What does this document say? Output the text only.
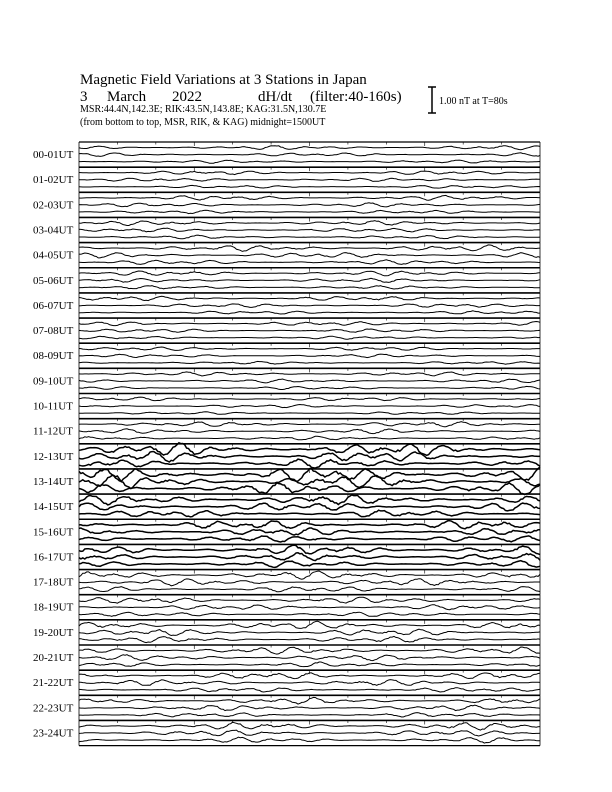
Magnetic Field Variations at 3 Stations in Japan
3 March 2022	dH/dt (filter:40-160s)
MSR:44.4N,142.3E; RIK:43.5N,143.8E; KAG:31.5N,130.7E
(from bottom to top, MSR, RIK, & KAG) midnight=1500UT
1.00 nT at T=80s
00-01UT
01-02UT
02-03UT
03-04UT
04-05UT
05-06UT
06-07UT
07-08UT
08-09UT
09-10UT
10-11UT
11-12UT
12-13UT
13-14UT
14-15UT
15-16UT
16-17UT
17-18UT
18-19UT
19-20UT
20-21UT
21-22UT
22-23UT
23-24UT
